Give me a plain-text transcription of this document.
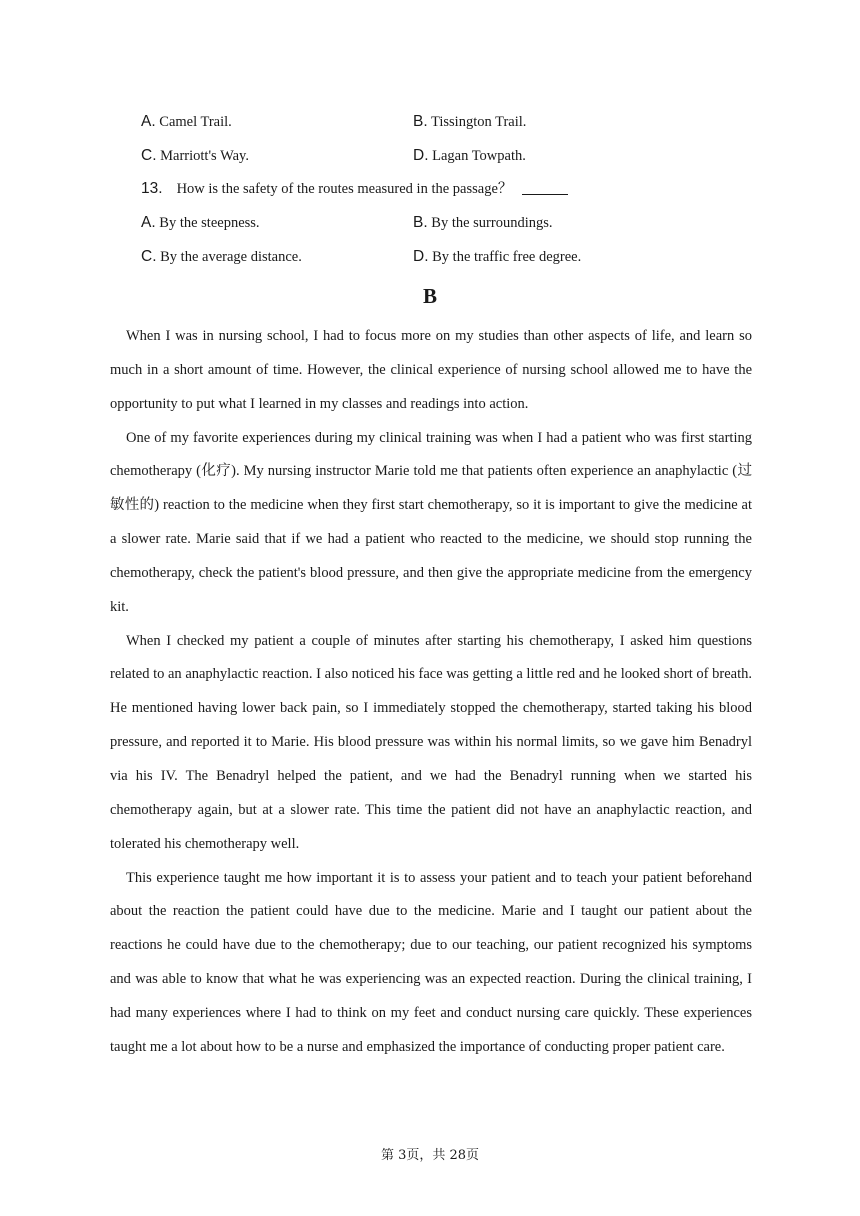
A. Camel Trail.	B. Tissington Trail.
C. Marriott's Way.	D. Lagan Towpath.
13. How is the safety of the routes measured in the passage？
A. By the steepness.	B. By the surroundings.
C. By the average distance.	D. By the traffic free degree.
B

When I was in nursing school, I had to focus more on my studies than other aspects of life, and learn so much in a short amount of time. However, the clinical experience of nursing school allowed me to have the opportunity to put what I learned in my classes and readings into action.

One of my favorite experiences during my clinical training was when I had a patient who was first starting chemotherapy (化疗). My nursing instructor Marie told me that patients often experience an anaphylactic (过敏性的) reaction to the medicine when they first start chemotherapy, so it is important to give the medicine at a slower rate. Marie said that if we had a patient who reacted to the medicine, we should stop running the chemotherapy, check the patient's blood pressure, and then give the appropriate medicine from the emergency kit.

When I checked my patient a couple of minutes after starting his chemotherapy, I asked him questions related to an anaphylactic reaction. I also noticed his face was getting a little red and he looked short of breath. He mentioned having lower back pain, so I immediately stopped the chemotherapy, started taking his blood pressure, and reported it to Marie. His blood pressure was within his normal limits, so we gave him Benadryl via his IV. The Benadryl helped the patient, and we had the Benadryl running when we started his chemotherapy again, but at a slower rate. This time the patient did not have an anaphylactic reaction, and tolerated his chemotherapy well.

This experience taught me how important it is to assess your patient and to teach your patient beforehand about the reaction the patient could have due to the medicine. Marie and I taught our patient about the reactions he could have due to the chemotherapy; due to our teaching, our patient recognized his symptoms and was able to know that what he was experiencing was an expected reaction. During the clinical training, I had many experiences where I had to think on my feet and conduct nursing care quickly. These experiences taught me a lot about how to be a nurse and emphasized the importance of conducting proper patient care.

第 3页，共 28页
